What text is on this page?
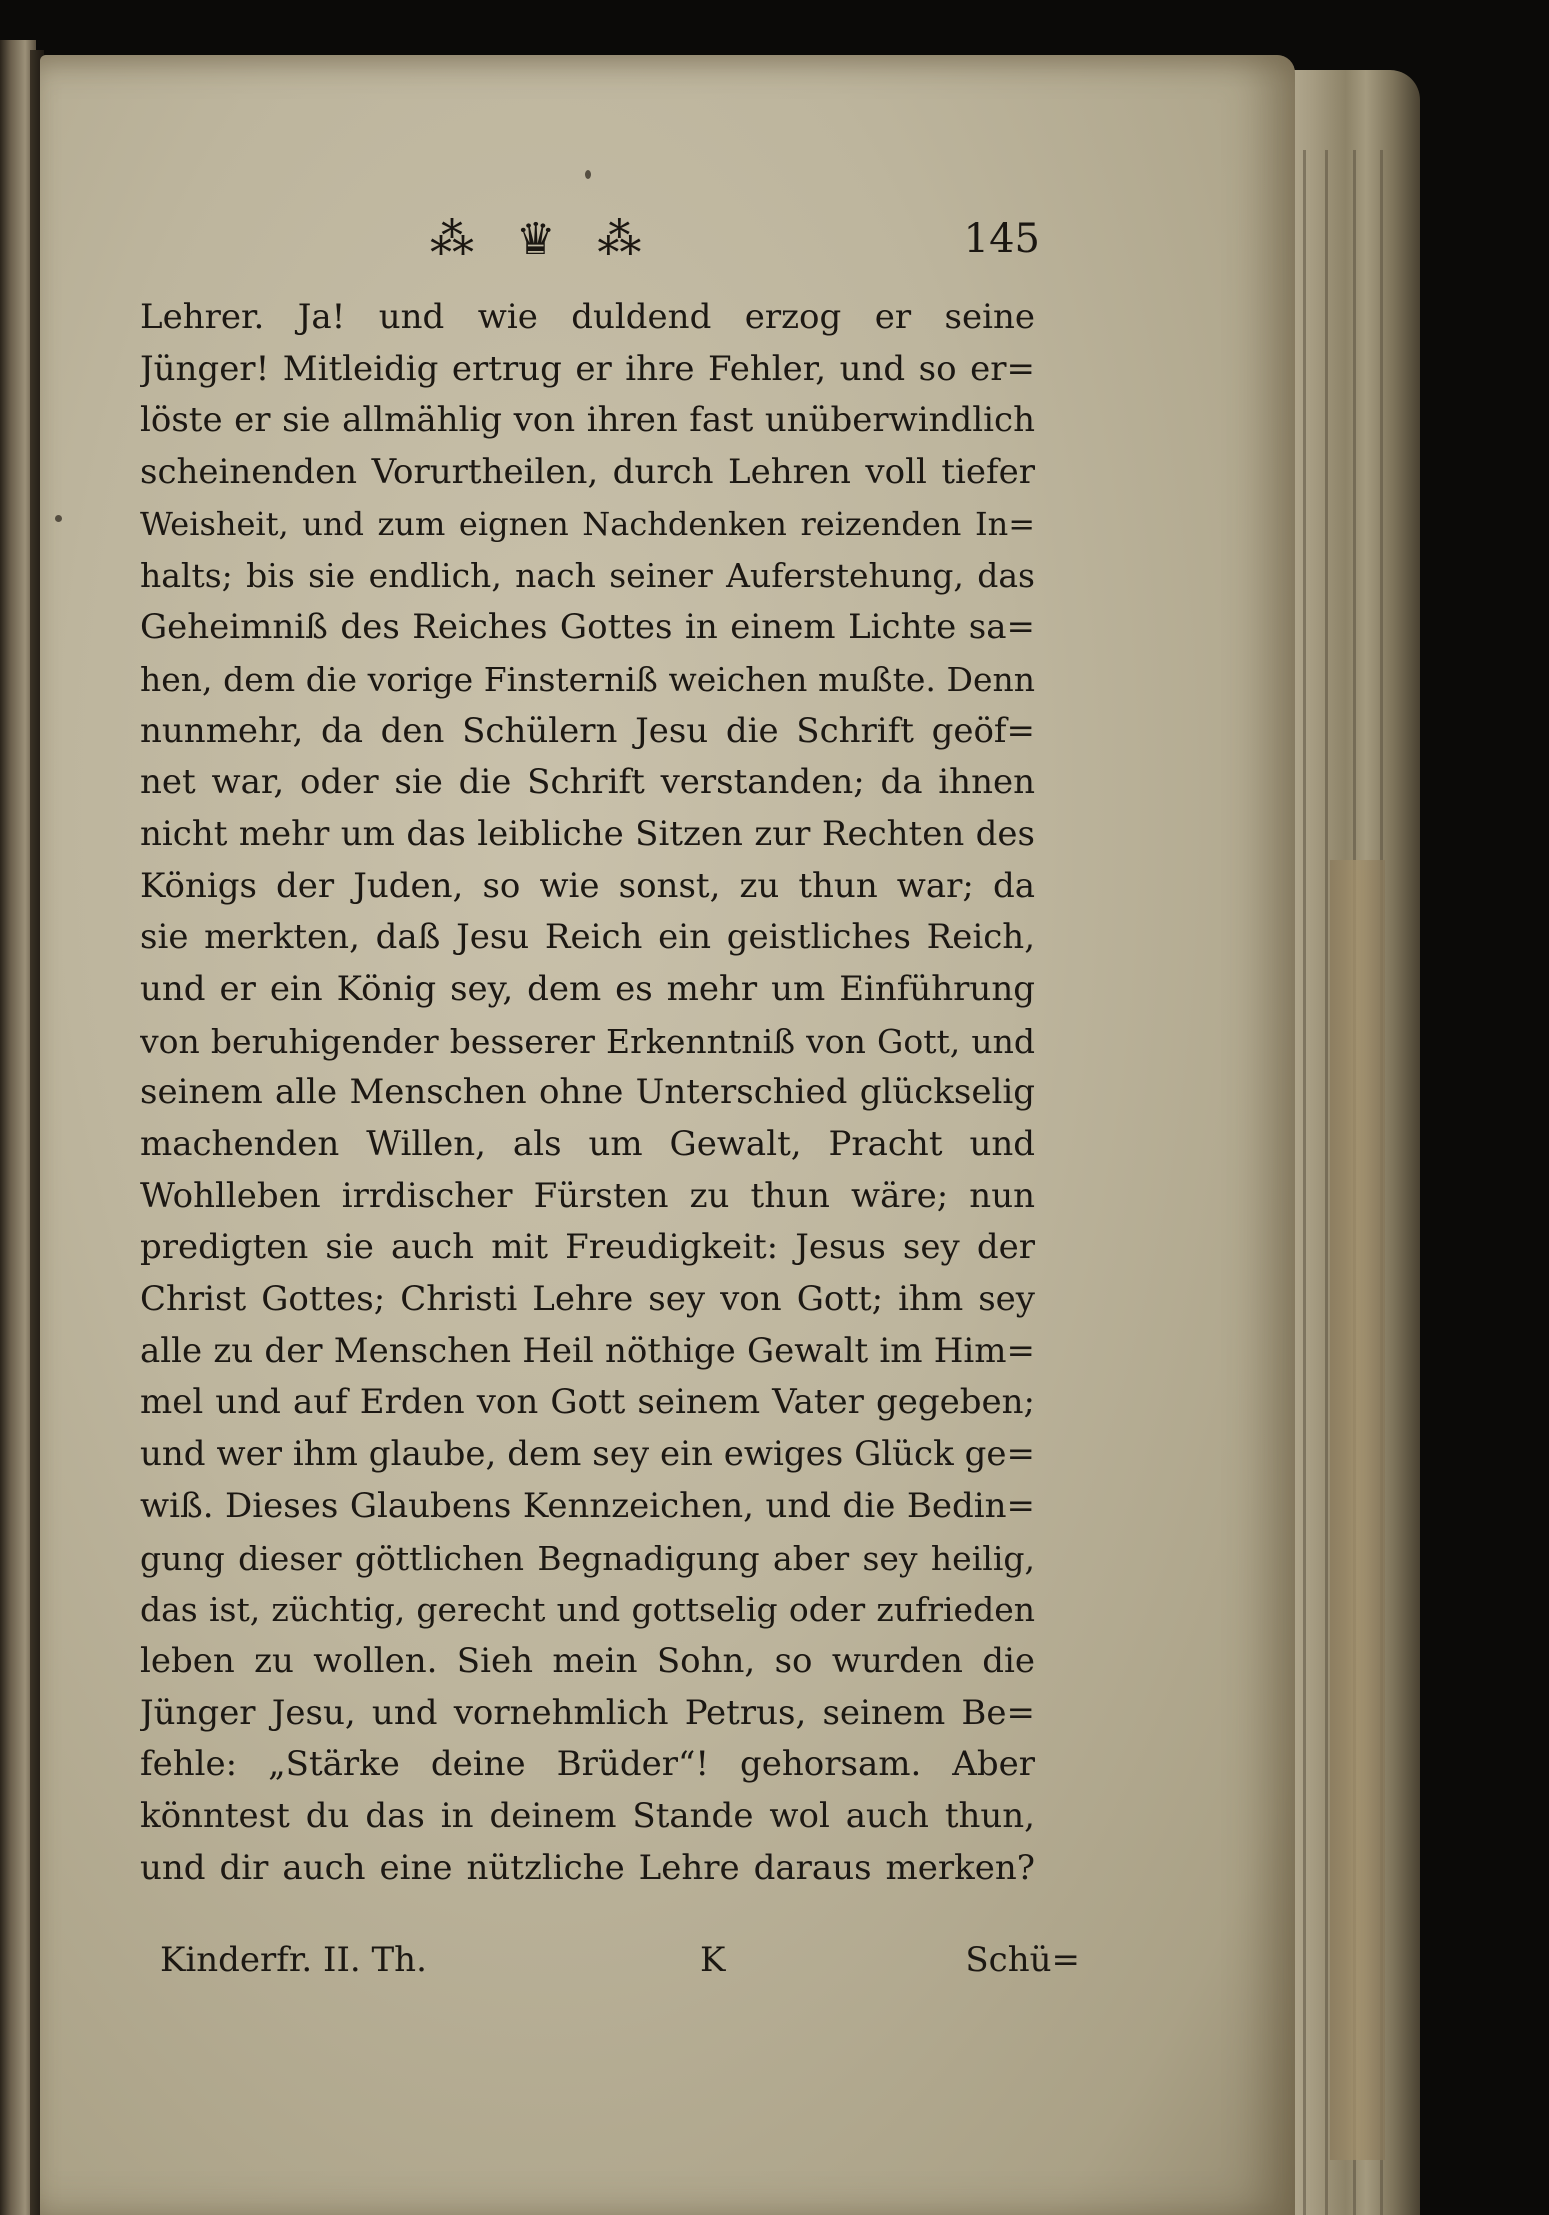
⁂ ♛ ⁂	145
Lehrer. Ja! und wie duldend erzog er seine
Jünger! Mitleidig ertrug er ihre Fehler, und so er=
löste er sie allmählig von ihren fast unüberwindlich
scheinenden Vorurtheilen, durch Lehren voll tiefer
Weisheit, und zum eignen Nachdenken reizenden In=
halts; bis sie endlich, nach seiner Auferstehung, das
Geheimniß des Reiches Gottes in einem Lichte sa=
hen, dem die vorige Finsterniß weichen mußte. Denn
nunmehr, da den Schülern Jesu die Schrift geöf=
net war, oder sie die Schrift verstanden; da ihnen
nicht mehr um das leibliche Sitzen zur Rechten des
Königs der Juden, so wie sonst, zu thun war; da
sie merkten, daß Jesu Reich ein geistliches Reich,
und er ein König sey, dem es mehr um Einführung
von beruhigender besserer Erkenntniß von Gott, und
seinem alle Menschen ohne Unterschied glückselig
machenden Willen, als um Gewalt, Pracht und
Wohlleben irrdischer Fürsten zu thun wäre; nun
predigten sie auch mit Freudigkeit: Jesus sey der
Christ Gottes; Christi Lehre sey von Gott; ihm sey
alle zu der Menschen Heil nöthige Gewalt im Him=
mel und auf Erden von Gott seinem Vater gegeben;
und wer ihm glaube, dem sey ein ewiges Glück ge=
wiß. Dieses Glaubens Kennzeichen, und die Bedin=
gung dieser göttlichen Begnadigung aber sey heilig,
das ist, züchtig, gerecht und gottselig oder zufrieden
leben zu wollen. Sieh mein Sohn, so wurden die
Jünger Jesu, und vornehmlich Petrus, seinem Be=
fehle: „Stärke deine Brüder“! gehorsam. Aber
könntest du das in deinem Stande wol auch thun,
und dir auch eine nützliche Lehre daraus merken?
Kinderfr. II. Th.	K	Schü=
